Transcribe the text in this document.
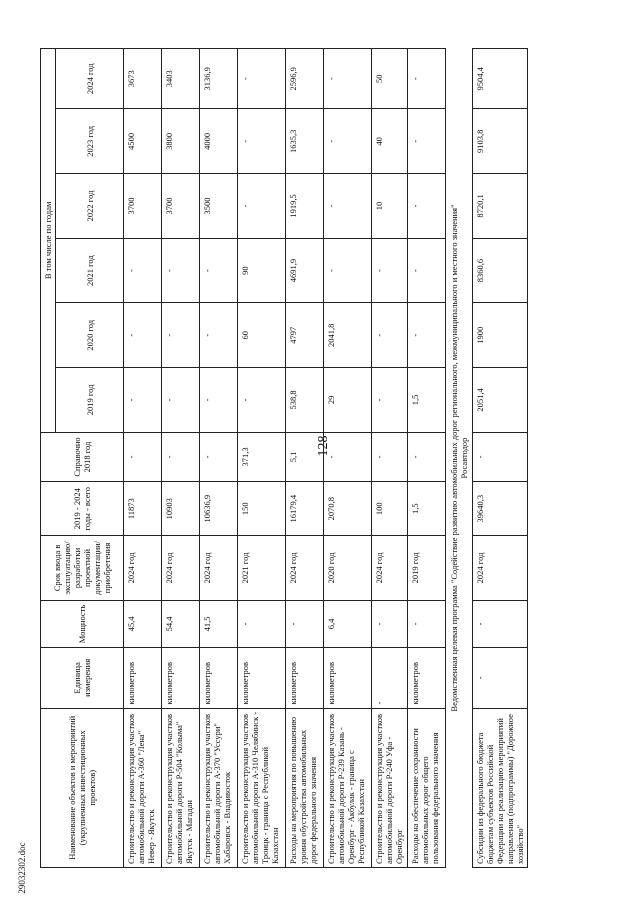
128
29032302.doc
Наименование объектов и мероприятий (укрупненных инвестиционных проектов)	Единица измерения	Мощность	Срок ввода в эксплуатацию/ разработки проектной документации/ приобретения	2019 - 2024 годы - всего	Справочно 2018 год	В том числе по годам					
						2019 год	2020 год	2021 год	2022 год	2023 год	2024 год
Строительство и реконструкция участков автомобильной дороги А-360 "Лена" Невер - Якутск	километров	45,4	2024 год	11873	-	-	-	-	3700	4500	3673
Строительство и реконструкция участков автомобильной дороги Р-504 "Колыма" Якутск - Магадан	километров	54,4	2024 год	10903	-	-	-	-	3700	3800	3403
Строительство и реконструкция участков автомобильной дороги А-370 "Уссури" Хабаровск - Владивосток	километров	41,5	2024 год	10636,9	-	-	-	-	3500	4000	3136,9
Строительство и реконструкция участков автомобильной дороги А-310 Челябинск - Троицк - граница с Республикой Казахстан	километров	-	2021 год	150	371,3	-	60	90	-	-	-
Расходы на мероприятия по повышению уровня обустройства автомобильных дорог федерального значения	километров	-	2024 год	16179,4	5,1	538,8	4797	4691,9	1919,5	1635,3	2596,9
Строительство и реконструкция участков автомобильной дороги Р-239 Казань - Оренбург - Акбулак - граница с Республикой Казахстан	километров	6,4	2020 год	2070,8	-	29	2041,8	-	-	-	-
Строительство и реконструкция участков автомобильной дороги Р-240 Уфа - Оренбург	-	-	2024 год	100	-	-	-	-	10	40	50
Расходы на обеспечение сохранности автомобильных дорог общего пользования федерального значения	километров	-	2019 год	1,5	-	1,5	-	-	-	-	-

Ведомственная целевая программа "Содействие развитию автомобильных дорог регионального, межмуниципального и местного значения" Росавтодор											

Субсидии из федерального бюджета бюджетам субъектов Российской Федерации на реализацию мероприятий направления (подпрограммы) "Дорожное хозяйство"	-	-	2024 год	39640,3	-	2051,4	1900	8360,6	8720,1	9103,8	9504,4
